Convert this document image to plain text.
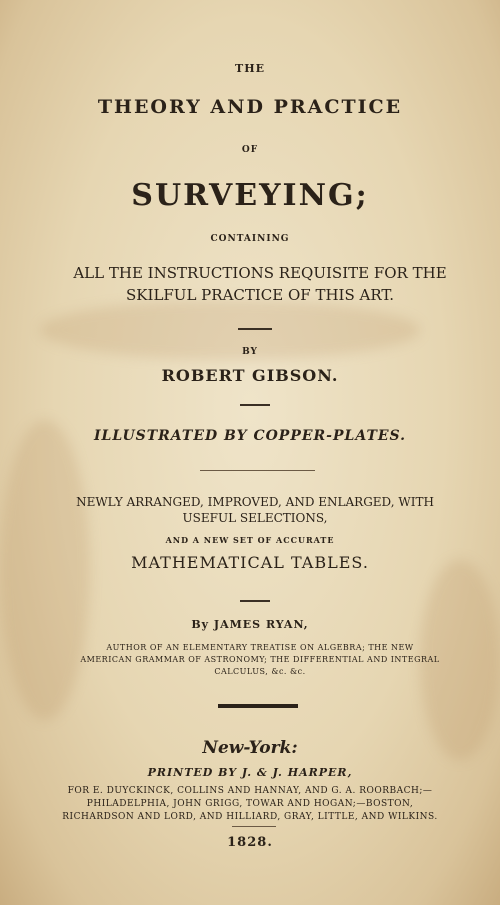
THE

THEORY AND PRACTICE

OF

SURVEYING;

CONTAINING

ALL THE INSTRUCTIONS REQUISITE FOR THE SKILFUL PRACTICE OF THIS ART.

BY

ROBERT GIBSON.

ILLUSTRATED BY COPPER-PLATES.

NEWLY ARRANGED, IMPROVED, AND ENLARGED, WITH USEFUL SELECTIONS,

AND A NEW SET OF ACCURATE

MATHEMATICAL TABLES.

By JAMES RYAN,

AUTHOR OF AN ELEMENTARY TREATISE ON ALGEBRA; THE NEW AMERICAN GRAMMAR OF ASTRONOMY; THE DIFFERENTIAL AND INTEGRAL CALCULUS, &c. &c.

New-York:

PRINTED BY J. & J. HARPER,

FOR E. DUYCKINCK, COLLINS AND HANNAY, AND G. A. ROORBACH;—PHILADELPHIA, JOHN GRIGG, TOWAR AND HOGAN;—BOSTON, RICHARDSON AND LORD, AND HILLIARD, GRAY, LITTLE, AND WILKINS.

1828.
